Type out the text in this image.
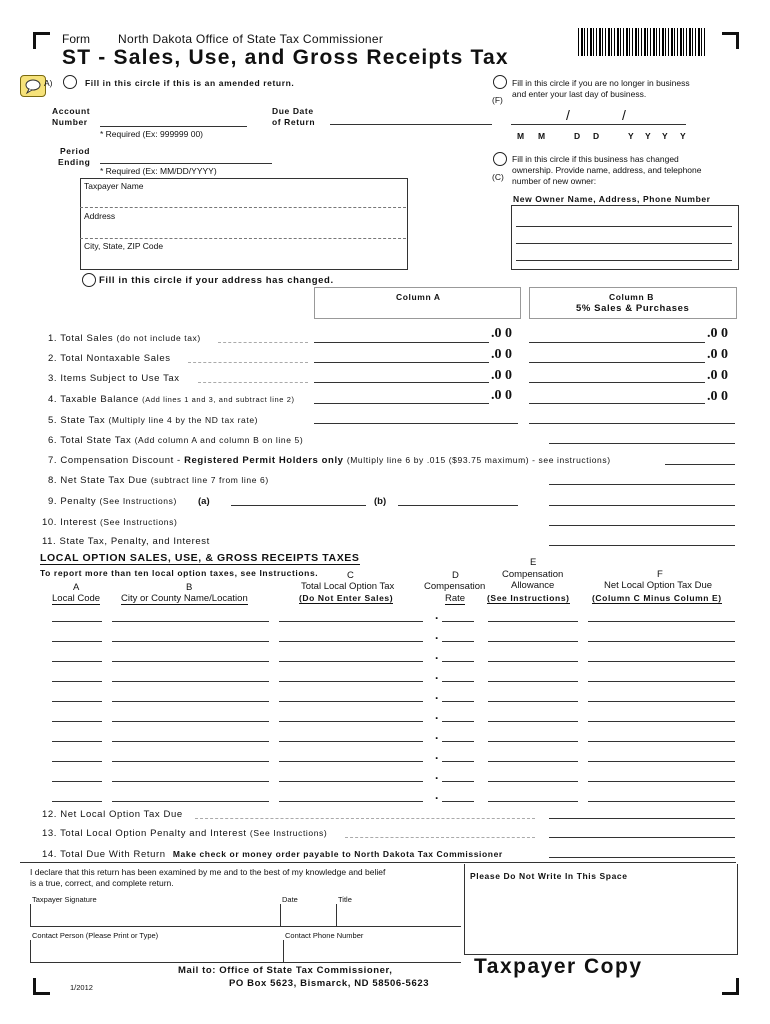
Form North Dakota Office of State Tax Commissioner
ST - Sales, Use, and Gross Receipts Tax
A)	Fill in this circle if this is an amended return.
(F)
Fill in this circle if you are no longer in business
and enter your last day of business.
Account
Number
* Required (Ex: 999999 00)
Due Date
of Return	/	/
M M	D D	Y Y Y Y
Period
Ending
* Required (Ex: MM/DD/YYYY)
(C)
Fill in this circle if this business has changed
ownership. Provide name, address, and telephone
number of new owner:
New Owner Name, Address, Phone Number
Taxpayer Name
Address
City, State, ZIP Code
Fill in this circle if your address has changed.
Column A	Column B
5% Sales & Purchases
1. Total Sales (do not include tax)	.0 0	.0 0
2. Total Nontaxable Sales	.0 0	.0 0
3. Items Subject to Use Tax	.0 0	.0 0
4. Taxable Balance (Add lines 1 and 3, and subtract line 2)	.0 0	.0 0
5. State Tax (Multiply line 4 by the ND tax rate)
6. Total State Tax (Add column A and column B on line 5)
7. Compensation Discount - Registered Permit Holders only (Multiply line 6 by .015 ($93.75 maximum) - see instructions)
8. Net State Tax Due (subtract line 7 from line 6)
9. Penalty (See Instructions) (a)	(b)
10. Interest (See Instructions)
11. State Tax, Penalty, and Interest
LOCAL OPTION SALES, USE, & GROSS RECEIPTS TAXES
To report more than ten local option taxes, see Instructions.
A
Local Code
B
City or County Name/Location
C
Total Local Option Tax
(Do Not Enter Sales)
D
Compensation
Rate
E
Compensation
Allowance
(See Instructions)
F
Net Local Option Tax Due
(Column C Minus Column E)
.
.
.
.
.
.
.
.
.
.
12. Net Local Option Tax Due
13. Total Local Option Penalty and Interest (See Instructions)
14. Total Due With Return Make check or money order payable to North Dakota Tax Commissioner
I declare that this return has been examined by me and to the best of my knowledge and belief
is a true, correct, and complete return.
Taxpayer Signature	Date	Title
Contact Person (Please Print or Type)	Contact Phone Number
Please Do Not Write In This Space
Mail to: Office of State Tax Commissioner,
PO Box 5623, Bismarck, ND 58506-5623
Taxpayer Copy
1/2012
